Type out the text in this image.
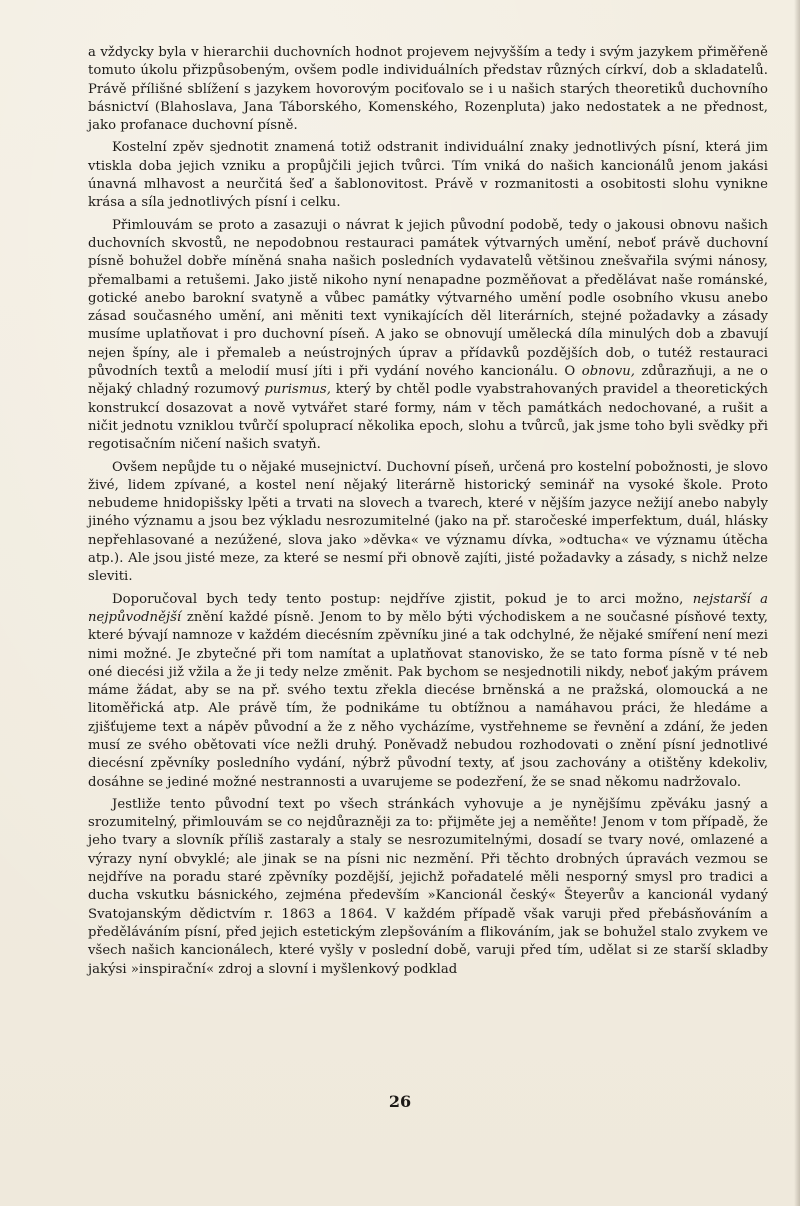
a vždycky byla v hierarchii duchovních hodnot projevem nejvyšším a tedy i svým jazykem přiměřeně tomuto úkolu přizpůsobeným, ovšem podle individuálních představ různých církví, dob a skladatelů. Právě přílišné sblížení s jazykem hovorovým pociťovalo se i u našich starých theoretiků duchovního básnictví (Blahoslava, Jana Táborského, Komenského, Rozenpluta) jako nedostatek a ne přednost, jako profanace duchovní písně.

Kostelní zpěv sjednotit znamená totiž odstranit individuální znaky jednotlivých písní, která jim vtiskla doba jejich vzniku a propůjčili jejich tvůrci. Tím vniká do našich kancionálů jenom jakási únavná mlhavost a neurčitá šeď a šablonovitost. Právě v rozmanitosti a osobitosti slohu vynikne krása a síla jednotlivých písní i celku.

Přimlouvám se proto a zasazuji o návrat k jejich původní podobě, tedy o jakousi obnovu našich duchovních skvostů, ne nepodobnou restauraci památek výtvarných umění, neboť právě duchovní písně bohužel dobře míněná snaha našich posledních vydavatelů většinou znešvařila svými nánosy, přemalbami a retušemi. Jako jistě nikoho nyní nenapadne pozměňovat a předělávat naše románské, gotické anebo barokní svatyně a vůbec památky výtvarného umění podle osobního vkusu anebo zásad současného umění, ani měniti text vynikajících děl literárních, stejné požadavky a zásady musíme uplatňovat i pro duchovní píseň. A jako se obnovují umělecká díla minulých dob a zbavují nejen špíny, ale i přemaleb a neústrojných úprav a přídavků pozdějších dob, o tutéž restauraci původních textů a melodií musí jíti i při vydání nového kancionálu. O obnovu, zdůrazňuji, a ne o nějaký chladný rozumový purismus, který by chtěl podle vyabstrahovaných pravidel a theoretických konstrukcí dosazovat a nově vytvářet staré formy, nám v těch památkách nedochované, a rušit a ničit jednotu vzniklou tvůrčí spoluprací několika epoch, slohu a tvůrců, jak jsme toho byli svědky při regotisačním ničení našich svatyň.

Ovšem nepůjde tu o nějaké musejnictví. Duchovní píseň, určená pro kostelní pobožnosti, je slovo živé, lidem zpívané, a kostel není nějaký literárně historický seminář na vysoké škole. Proto nebudeme hnidopišsky lpěti a trvati na slovech a tvarech, které v nějším jazyce nežijí anebo nabyly jiného významu a jsou bez výkladu nesrozumitelné (jako na př. staročeské imperfektum, duál, hlásky nepřehlasované a nezúžené, slova jako »děvka« ve významu dívka, »odtucha« ve významu útěcha atp.). Ale jsou jisté meze, za které se nesmí při obnově zajíti, jisté požadavky a zásady, s nichž nelze sleviti.

Doporučoval bych tedy tento postup: nejdříve zjistit, pokud je to arci možno, nejstarší a nejpůvodnější znění každé písně. Jenom to by mělo býti východiskem a ne současné písňové texty, které bývají namnoze v každém diecésním zpěvníku jiné a tak odchylné, že nějaké smíření není mezi nimi možné. Je zbytečné při tom namítat a uplatňovat stanovisko, že se tato forma písně v té neb oné diecési již vžila a že ji tedy nelze změnit. Pak bychom se nesjednotili nikdy, neboť jakým právem máme žádat, aby se na př. svého textu zřekla diecése brněnská a ne pražská, olomoucká a ne litoměřická atp. Ale právě tím, že podnikáme tu obtížnou a namáhavou práci, že hledáme a zjišťujeme text a nápěv původní a že z něho vycházíme, vystřehneme se řevnění a zdání, že jeden musí ze svého obětovati více nežli druhý. Poněvadž nebudou rozhodovati o znění písní jednotlivé diecésní zpěvníky posledního vydání, nýbrž původní texty, ať jsou zachovány a otištěny kdekoliv, dosáhne se jediné možné nestrannosti a uvarujeme se podezření, že se snad někomu nadržovalo.

Jestliže tento původní text po všech stránkách vyhovuje a je nynějšímu zpěváku jasný a srozumitelný, přimlouvám se co nejdůrazněji za to: přijměte jej a neměňte! Jenom v tom případě, že jeho tvary a slovník příliš zastaraly a staly se nesrozumitelnými, dosadí se tvary nové, omlazené a výrazy nyní obvyklé; ale jinak se na písni nic nezmění. Při těchto drobných úpravách vezmou se nejdříve na poradu staré zpěvníky pozdější, jejichž pořadatelé měli nesporný smysl pro tradici a ducha vskutku básnického, zejména především »Kancionál český« Šteyerův a kancionál vydaný Svatojanským dědictvím r. 1863 a 1864. V každém případě však varuji před přebásňováním a předěláváním písní, před jejich estetickým zlepšováním a flikováním, jak se bohužel stalo zvykem ve všech našich kancionálech, které vyšly v poslední době, varuji před tím, udělat si ze starší skladby jakýsi »inspirační« zdroj a slovní i myšlenkový podklad

26
